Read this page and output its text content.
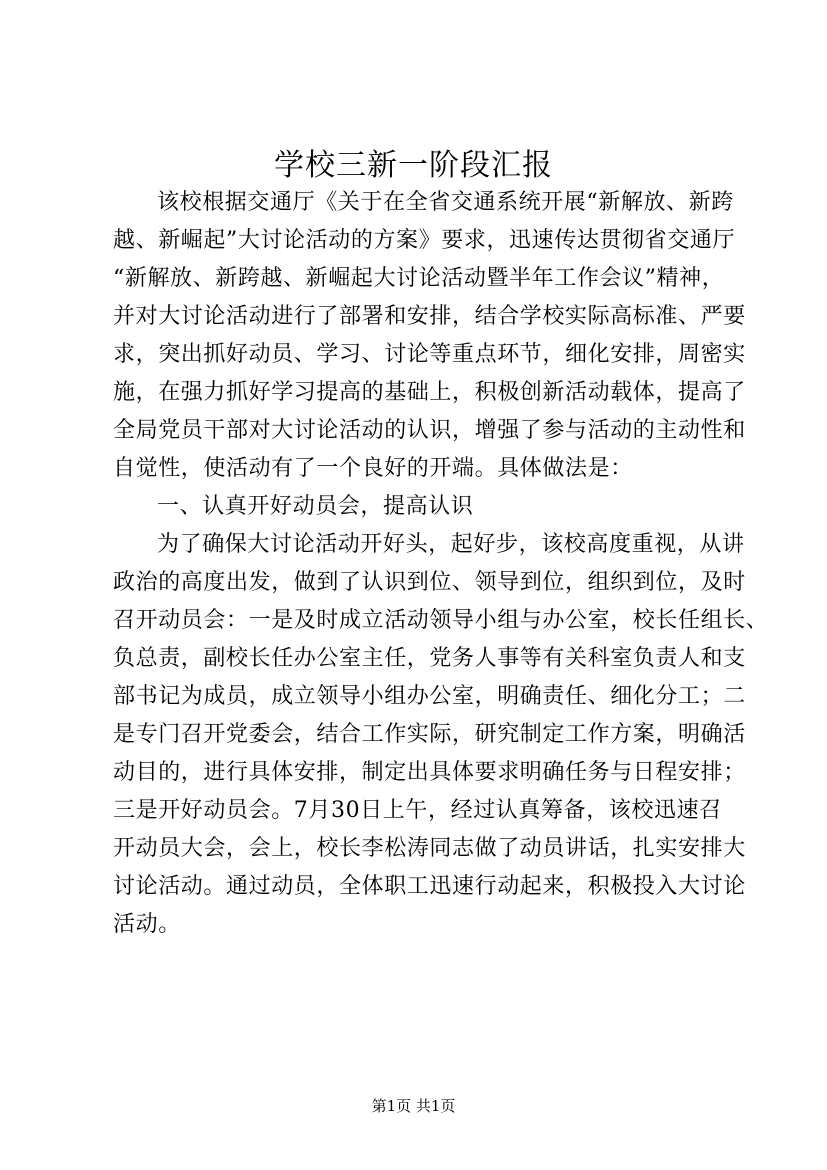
学校三新一阶段汇报
该校根据交通厅《关于在全省交通系统开展“新解放、新跨
越、新崛起”大讨论活动的方案》要求，迅速传达贯彻省交通厅
“新解放、新跨越、新崛起大讨论活动暨半年工作会议”精神，
并对大讨论活动进行了部署和安排，结合学校实际高标准、严要
求，突出抓好动员、学习、讨论等重点环节，细化安排，周密实
施，在强力抓好学习提高的基础上，积极创新活动载体，提高了
全局党员干部对大讨论活动的认识，增强了参与活动的主动性和
自觉性，使活动有了一个良好的开端。具体做法是：
一、认真开好动员会，提高认识
为了确保大讨论活动开好头，起好步，该校高度重视，从讲
政治的高度出发，做到了认识到位、领导到位，组织到位，及时
召开动员会：一是及时成立活动领导小组与办公室，校长任组长、
负总责，副校长任办公室主任，党务人事等有关科室负责人和支
部书记为成员，成立领导小组办公室，明确责任、细化分工；二
是专门召开党委会，结合工作实际，研究制定工作方案，明确活
动目的，进行具体安排，制定出具体要求明确任务与日程安排；
三是开好动员会。7月30日上午，经过认真筹备，该校迅速召
开动员大会，会上，校长李松涛同志做了动员讲话，扎实安排大
讨论活动。通过动员，全体职工迅速行动起来，积极投入大讨论
活动。
第1页 共1页
